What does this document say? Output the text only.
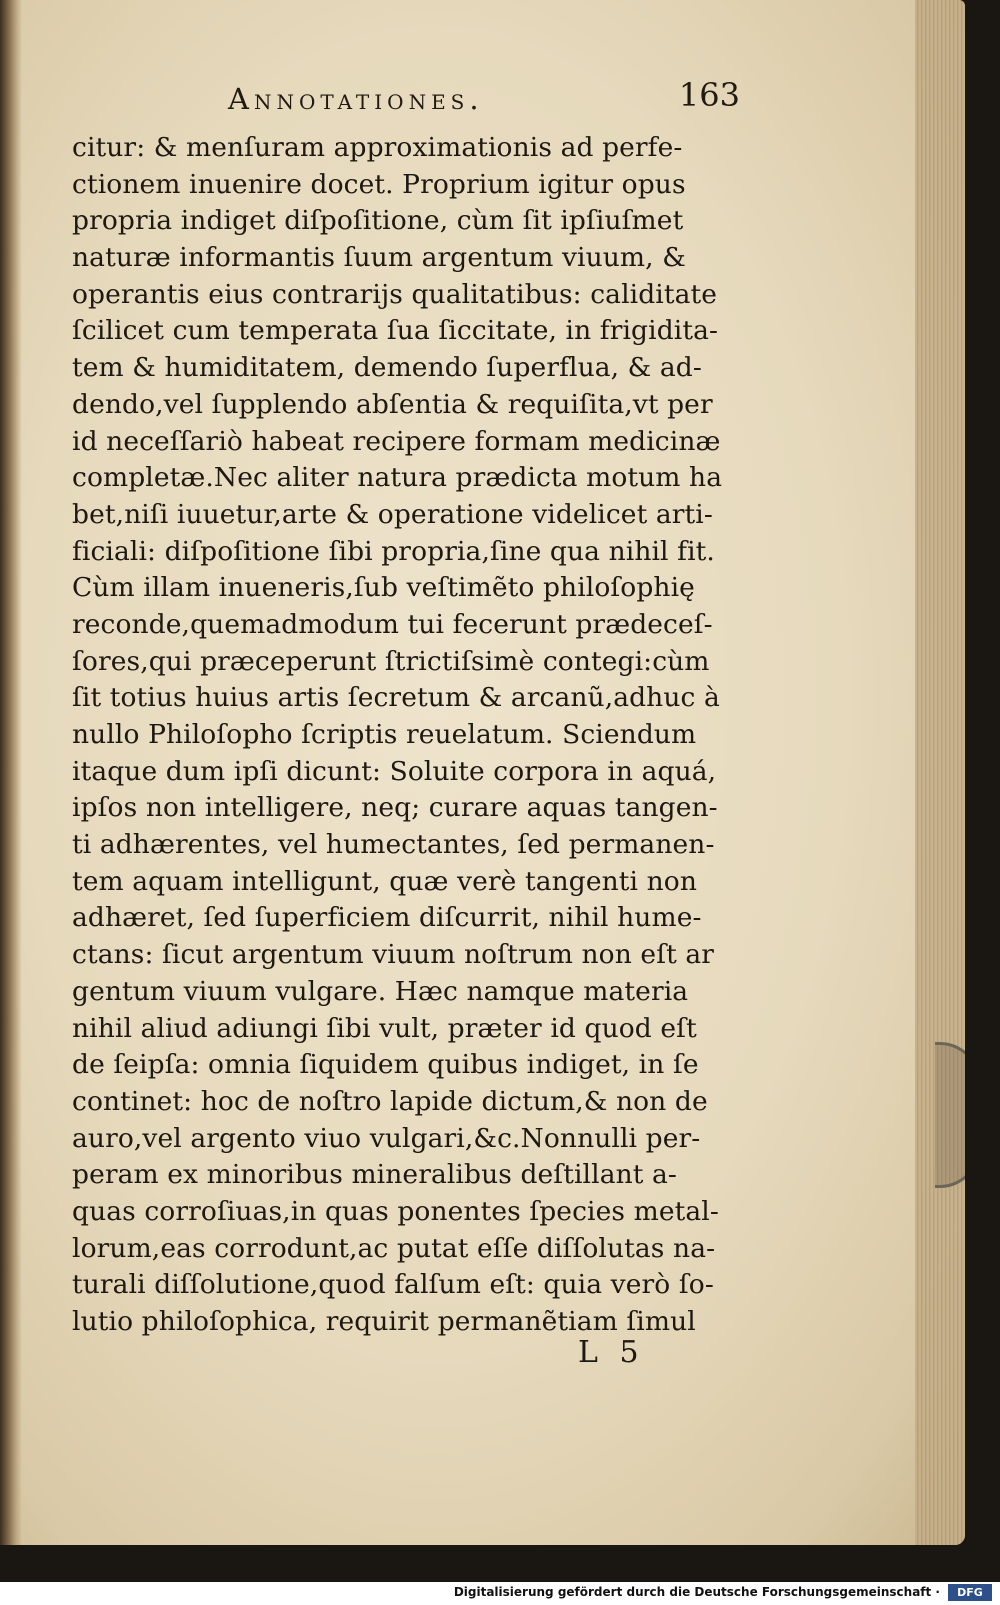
Annotationes.	163
citur: & menſuram approximationis ad perfe-
ctionem inuenire docet. Proprium igitur opus
propria indiget diſpoſitione, cùm ſit ipſiuſmet
naturæ informantis ſuum argentum viuum, &
operantis eius contrarijs qualitatibus: caliditate
ſcilicet cum temperata ſua ſiccitate, in frigidita-
tem & humiditatem, demendo ſuperflua, & ad-
dendo,vel ſupplendo abſentia & requiſita,vt per
id neceſſariò habeat recipere formam medicinæ
completæ.Nec aliter natura prædicta motum ha
bet,niſi iuuetur,arte & operatione videlicet arti-
ficiali: diſpoſitione ſibi propria,ſine qua nihil fit.
Cùm illam inueneris,ſub veſtimẽto philoſophię
reconde,quemadmodum tui fecerunt prædeceſ-
ſores,qui præceperunt ſtrictiſsimè contegi:cùm
ſit totius huius artis ſecretum & arcanũ,adhuc à
nullo Philoſopho ſcriptis reuelatum. Sciendum
itaque dum ipſi dicunt: Soluite corpora in aquá,
ipſos non intelligere, neq; curare aquas tangen-
ti adhærentes, vel humectantes, ſed permanen-
tem aquam intelligunt, quæ verè tangenti non
adhæret, ſed ſuperficiem diſcurrit, nihil hume-
ctans: ſicut argentum viuum noſtrum non eſt ar
gentum viuum vulgare. Hæc namque materia
nihil aliud adiungi ſibi vult, præter id quod eſt
de ſeipſa: omnia ſiquidem quibus indiget, in ſe
continet: hoc de noſtro lapide dictum,& non de
auro,vel argento viuo vulgari,&c.Nonnulli per-
peram ex minoribus mineralibus deſtillant a-
quas corroſiuas,in quas ponentes ſpecies metal-
lorum,eas corrodunt,ac putat eſſe diſſolutas na-
turali diſſolutione,quod falſum eſt: quia verò ſo-
lutio philoſophica, requirit permanẽtiam ſimul
L 5
Digitalisierung gefördert durch die Deutsche Forschungsgemeinschaft ·	DFG
